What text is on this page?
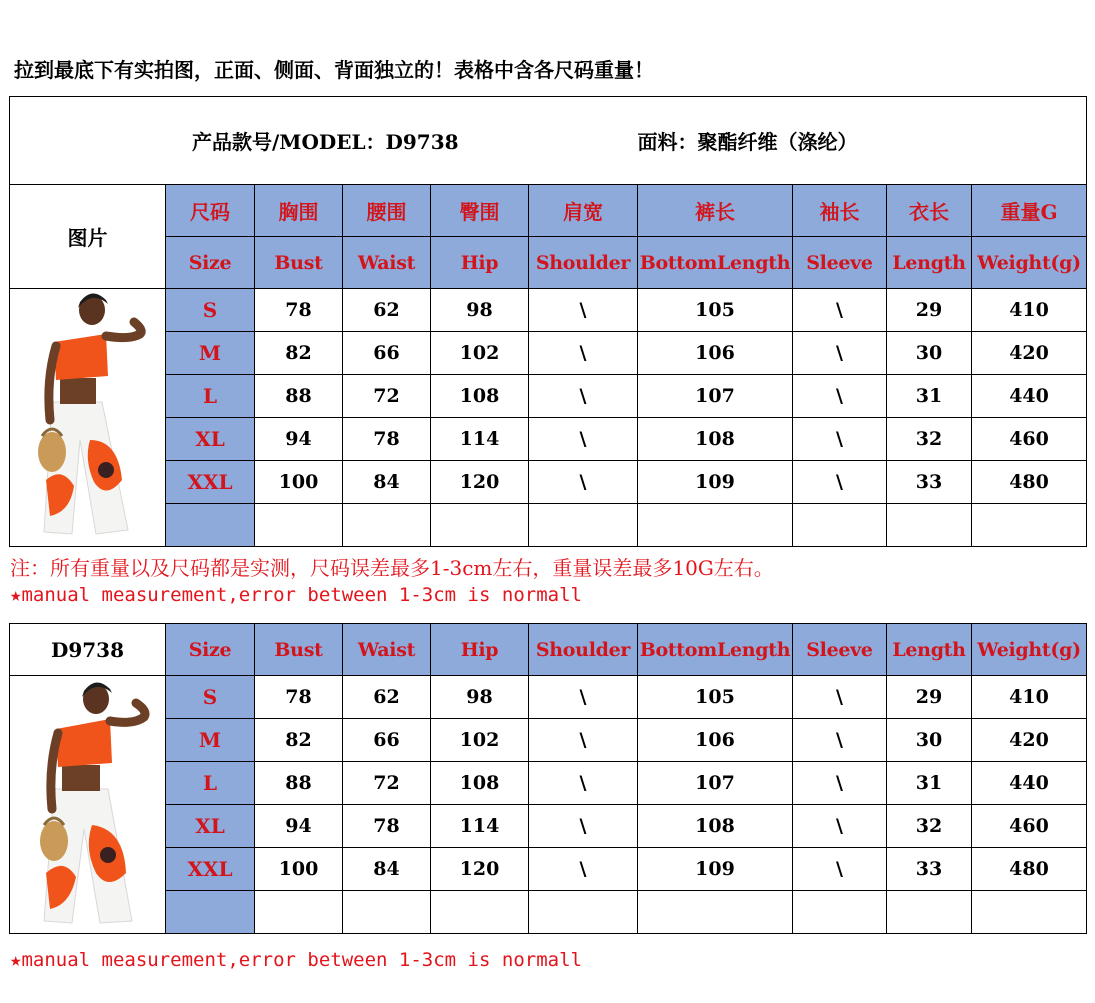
拉到最底下有实拍图，正面、侧面、背面独立的！表格中含各尺码重量！
产品款号/MODEL：D9738 面料：聚酯纤维（涤纶）									
图片	尺码	胸围	腰围	臀围	肩宽	裤长	袖长	衣长	重量G
	Size	Bust	Waist	Hip	Shoulder	BottomLength	Sleeve	Length	Weight(g)

	S	78	62	98	\	105	\	29	410
	M	82	66	102	\	106	\	30	420
	L	88	72	108	\	107	\	31	440
	XL	94	78	114	\	108	\	32	460
	XXL	100	84	120	\	109	\	33	480

注：所有重量以及尺码都是实测，尺码误差最多1-3cm左右，重量误差最多10G左右。
★manual measurement,error between 1-3cm is normall
D9738	Size	Bust	Waist	Hip	Shoulder	BottomLength	Sleeve	Length	Weight(g)

	S	78	62	98	\	105	\	29	410
	M	82	66	102	\	106	\	30	420
	L	88	72	108	\	107	\	31	440
	XL	94	78	114	\	108	\	32	460
	XXL	100	84	120	\	109	\	33	480

★manual measurement,error between 1-3cm is normall
